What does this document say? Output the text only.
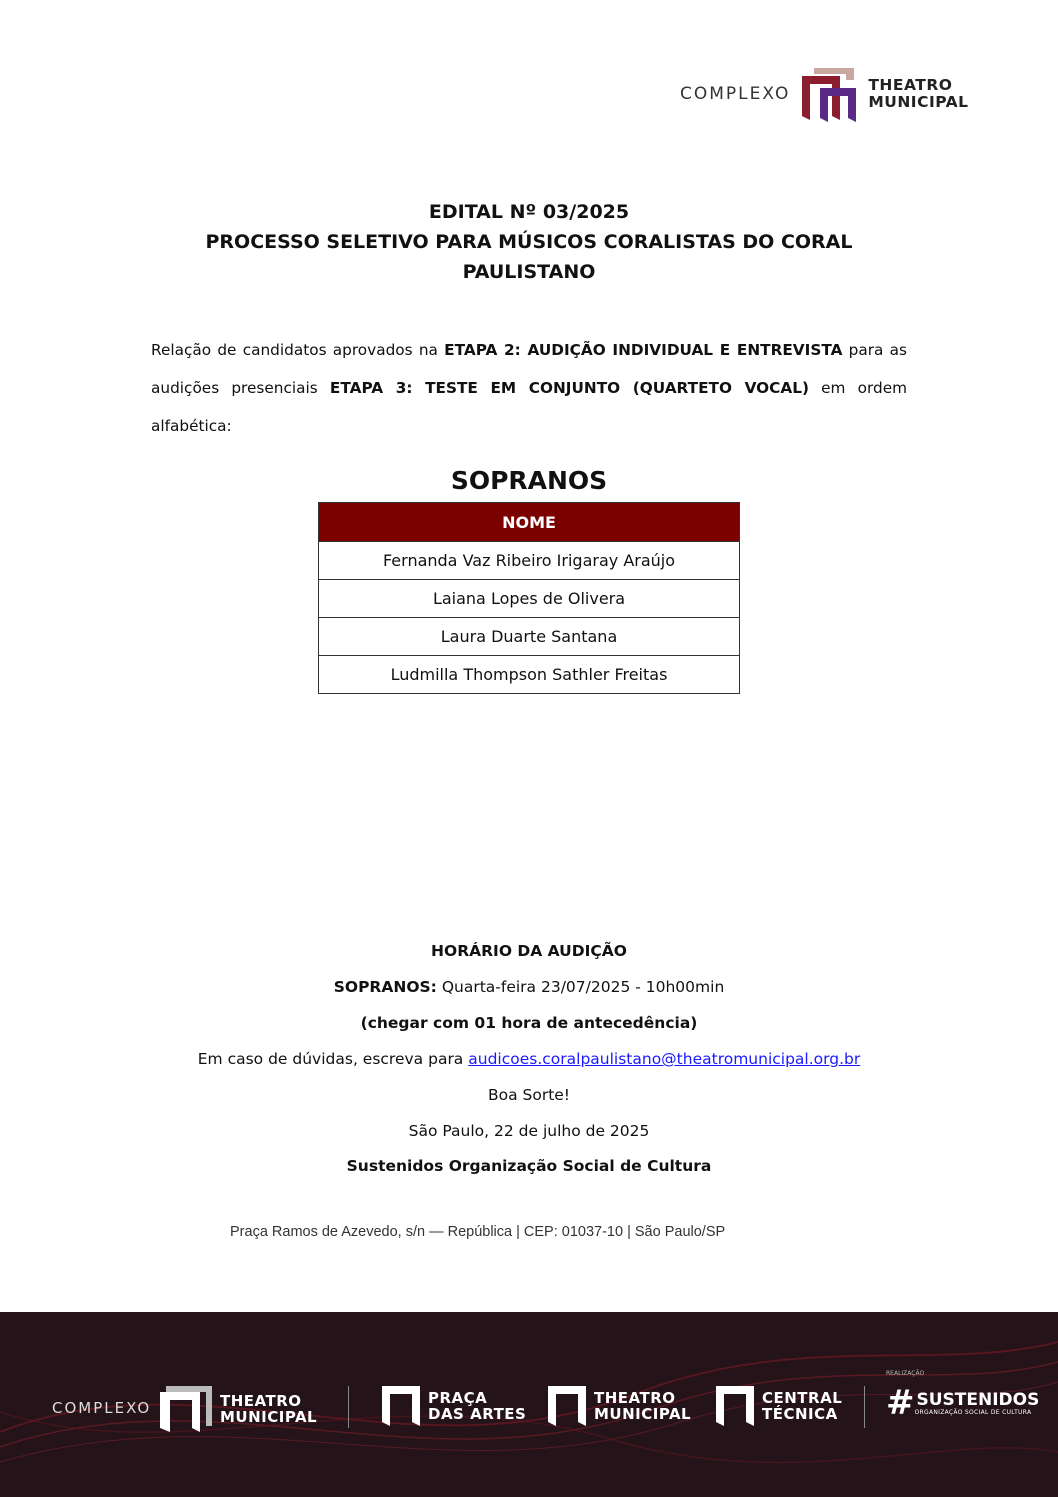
COMPLEXO	THEATRO
MUNICIPAL
EDITAL Nº 03/2025
PROCESSO SELETIVO PARA MÚSICOS CORALISTAS DO CORAL
PAULISTANO
Relação de candidatos aprovados na ETAPA 2: AUDIÇÃO INDIVIDUAL E ENTREVISTA para as
audições presenciais ETAPA 3: TESTE EM CONJUNTO (QUARTETO VOCAL) em ordem alfabética:
SOPRANOS
NOME
Fernanda Vaz Ribeiro Irigaray Araújo
Laiana Lopes de Olivera
Laura Duarte Santana
Ludmilla Thompson Sathler Freitas
HORÁRIO DA AUDIÇÃO
SOPRANOS: Quarta-feira 23/07/2025 - 10h00min
(chegar com 01 hora de antecedência)
Em caso de dúvidas, escreva para audicoes.coralpaulistano@theatromunicipal.org.br
Boa Sorte!
São Paulo, 22 de julho de 2025
Sustenidos Organização Social de Cultura
Praça Ramos de Azevedo, s/n — República | CEP: 01037-10 | São Paulo/SP
COMPLEXO	THEATRO
MUNICIPAL
PRAÇA
DAS ARTES
THEATRO
MUNICIPAL
CENTRAL
TÉCNICA
REALIZAÇÃO
# SUSTENIDOS
ORGANIZAÇÃO SOCIAL DE CULTURA
